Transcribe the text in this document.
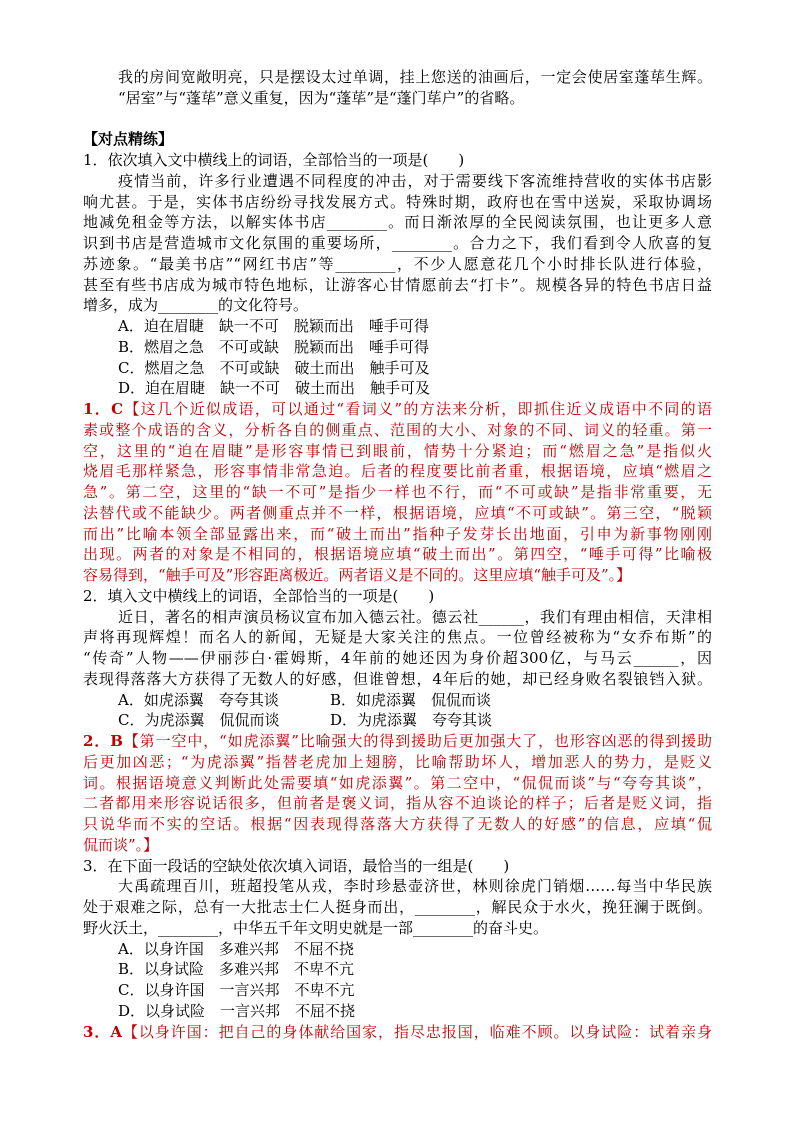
我的房间宽敞明亮，只是摆设太过单调，挂上您送的油画后，一定会使居室蓬荜生辉。
“居室”与“蓬荜”意义重复，因为“蓬荜”是“蓬门荜户”的省略。
【对点精练】
1．依次填入文中横线上的词语，全部恰当的一项是(　　)
疫情当前，许多行业遭遇不同程度的冲击，对于需要线下客流维持营收的实体书店影
响尤甚。于是，实体书店纷纷寻找发展方式。特殊时期，政府也在雪中送炭，采取协调场
地减免租金等方法，以解实体书店________。而日渐浓厚的全民阅读氛围，也让更多人意
识到书店是营造城市文化氛围的重要场所，________。合力之下，我们看到令人欣喜的复
苏迹象。“最美书店”“网红书店”等________，不少人愿意花几个小时排长队进行体验，
甚至有些书店成为城市特色地标，让游客心甘情愿前去“打卡”。规模各异的特色书店日益
增多，成为________的文化符号。
A．迫在眉睫　缺一不可　脱颖而出　唾手可得
B．燃眉之急　不可或缺　脱颖而出　唾手可得
C．燃眉之急　不可或缺　破土而出　触手可及
D．迫在眉睫　缺一不可　破土而出　触手可及
1．C【这几个近似成语，可以通过“看词义”的方法来分析，即抓住近义成语中不同的语
素或整个成语的含义，分析各自的侧重点、范围的大小、对象的不同、词义的轻重。第一
空，这里的“迫在眉睫”是形容事情已到眼前，情势十分紧迫；而“燃眉之急”是指似火
烧眉毛那样紧急，形容事情非常急迫。后者的程度要比前者重，根据语境，应填“燃眉之
急”。第二空，这里的“缺一不可”是指少一样也不行，而“不可或缺”是指非常重要，无
法替代或不能缺少。两者侧重点并不一样，根据语境，应填“不可或缺”。第三空，“脱颖
而出”比喻本领全部显露出来，而“破土而出”指种子发芽长出地面，引申为新事物刚刚
出现。两者的对象是不相同的，根据语境应填“破土而出”。第四空，“唾手可得”比喻极
容易得到，“触手可及”形容距离极近。两者语义是不同的。这里应填“触手可及”。】
2．填入文中横线上的词语，全部恰当的一项是(　　)
近日，著名的相声演员杨议宣布加入德云社。德云社______，我们有理由相信，天津相
声将再现辉煌！而名人的新闻，无疑是大家关注的焦点。一位曾经被称为“女乔布斯”的
“传奇”人物——伊丽莎白·霍姆斯，4年前的她还因为身价超300亿，与马云______，因
表现得落落大方获得了无数人的好感，但谁曾想，4年后的她，却已经身败名裂锒铛入狱。
A．如虎添翼　夸夸其谈	B．如虎添翼　侃侃而谈
C．为虎添翼　侃侃而谈	D．为虎添翼　夸夸其谈
2．B【第一空中，“如虎添翼”比喻强大的得到援助后更加强大了，也形容凶恶的得到援助
后更加凶恶；“为虎添翼”指替老虎加上翅膀，比喻帮助坏人，增加恶人的势力，是贬义
词。根据语境意义判断此处需要填“如虎添翼”。第二空中，“侃侃而谈”与“夸夸其谈”，
二者都用来形容说话很多，但前者是褒义词，指从容不迫谈论的样子；后者是贬义词，指
只说华而不实的空话。根据“因表现得落落大方获得了无数人的好感”的信息，应填“侃
侃而谈”。】
3．在下面一段话的空缺处依次填入词语，最恰当的一组是(　　)
大禹疏理百川，班超投笔从戎，李时珍悬壶济世，林则徐虎门销烟……每当中华民族
处于艰难之际，总有一大批志士仁人挺身而出，________，解民众于水火，挽狂澜于既倒。
野火沃土，________，中华五千年文明史就是一部________的奋斗史。
A．以身许国　多难兴邦　不屈不挠
B．以身试险　多难兴邦　不卑不亢
C．以身许国　一言兴邦　不卑不亢
D．以身试险　一言兴邦　不屈不挠
3．A【以身许国：把自己的身体献给国家，指尽忠报国，临难不顾。以身试险：试着亲身
